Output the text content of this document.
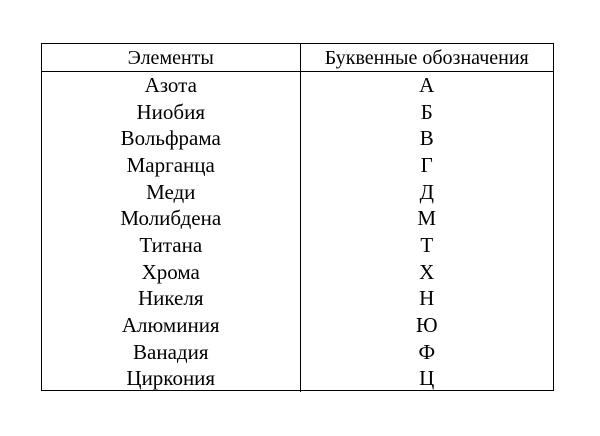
Элементы	Буквенные обозначения
Азота	А
Ниобия	Б
Вольфрама	В
Марганца	Г
Меди	Д
Молибдена	М
Титана	Т
Хрома	Х
Никеля	Н
Алюминия	Ю
Ванадия	Ф
Циркония	Ц
